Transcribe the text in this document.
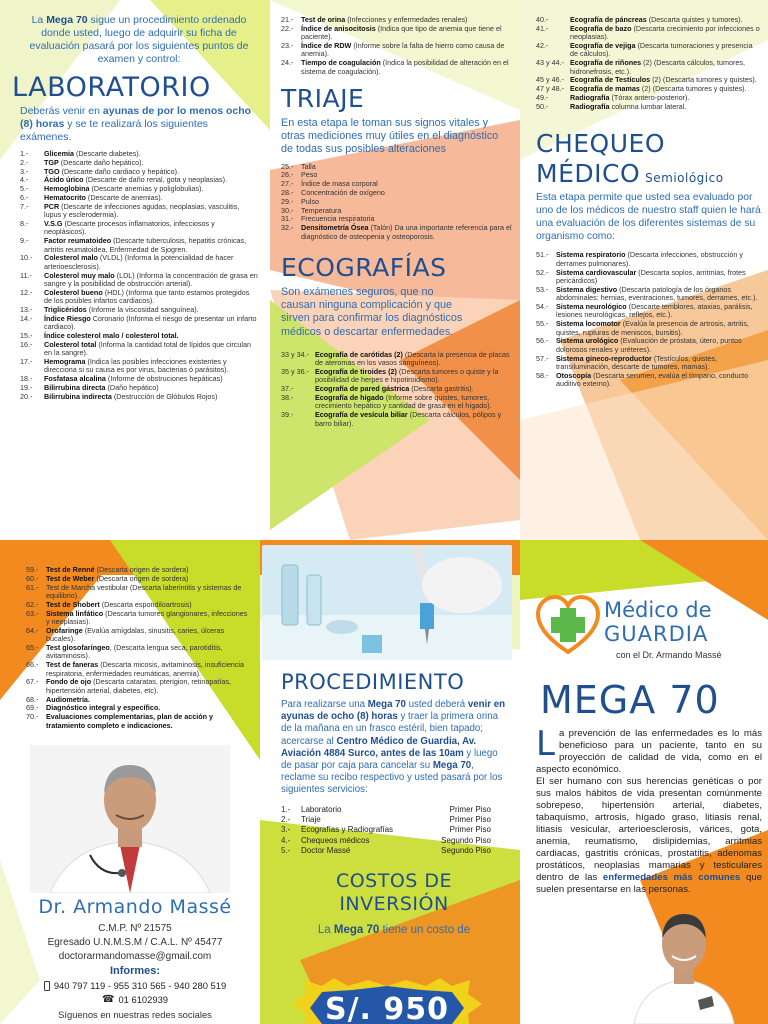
La Mega 70 sigue un procedimiento ordenado donde usted, luego de adquirir su ficha de evaluación pasará por los siguientes puntos de examen y control:

LABORATORIO

Deberás venir en ayunas de por lo menos ocho (8) horas y se te realizará los siguientes exámenes.

1.-	Glicemia (Descarte diabetes).
2.-	TGP (Descarte daño hepático).
3.-	TGO (Descarte daño cardiaco y hepático).
4.-	Ácido úrico (Descarte de daño renal, gota y neoplasias).
5.-	Hemoglobina (Descarte anemias y poliglobulias).
6.-	Hematocrito (Descarte de anemias).
7.-	PCR (Descarte de infecciones agudas, neoplasias, vasculitis, lupus y esclerodermia).
8.-	V.S.G (Descarte procesos inflamatorios, infecciosos y neoplásicos).
9.-	Factor reumatoideo (Descarte tuberculosis, hepatitis crónicas, artritis reumatoidea, Enfermedad de Sjogren.
10.-	Colesterol malo (VLDL) (Informa la potencialidad de hacer arterioesclerosis).
11.-	Colesterol muy malo (LDL) (Informa la concentración de grasa en sangre y la posibilidad de obstrucción arterial).
12.-	Colesterol bueno (HDL) (Informa que tanto estamos protegidos de los posibles infartos cardiacos).
13.-	Triglicéridos (Informe la viscosidad sanguínea).
14.-	Índice Riesgo Coronario (Informa el riesgo de presentar un infarto cardiaco).
15.-	Índice colesterol malo / colesterol total.
16.-	Colesterol total (Informa la cantidad total de lípidos que circulan en la sangre).
17.-	Hemograma (Indica las posibles infecciones existentes y direcciona si su causa es por virus, bacterias ó parásitos).
18.-	Fosfatasa alcalina (Informe de obstruciones hepáticas)
19.-	Bilirrubina directa (Daño hepático)
20.-	Bilirrubina indirecta (Destrucción de Glóbulos Rojos)
21.-	Test de orina (Infecciones y enfermedades renales)
22.-	Índice de anisocitosis (Indica que tipo de anemia que tiene el paciente).
23.-	Índice de RDW (Informe sobre la falta de hierro como causa de anemia).
24.-	Tiempo de coagulación (Indica la posibilidad de alteración en el sistema de coagulación).
TRIAJE

En esta etapa le toman sus signos vitales y otras mediciones muy útiles en el diagnóstico de todas sus posibles alteraciones

25.-	Talla
26.-	Peso
27.-	Índice de masa corporal
28.-	Concentración de oxígeno
29.-	Pulso
30.-	Temperatura
31.-	Frecuencia respiratoria
32.-	Densitometría Ósea (Talón) Da una importante referencia para el diagnóstico de osteopenia y osteoporosis.
ECOGRAFÍAS

Son exámenes seguros, que no causan ninguna complicación y que sirven para confirmar los diagnósticos médicos o descartar enfermedades.

33 y 34.- Ecografía de carótidas (2) (Descarta la presencia de placas de ateromas en los vasos sanguíneos).
35 y 36.- Ecografía de tiroides (2) (Descarta tumores o quiste y la posibilidad de herpes e hipotiroidismo).
37.-	Ecografía de pared gástrica (Descarta gastritis).
38.-	Ecografía de hígado (Informe sobre quistes, tumores, crecimiento hepático y cantidad de grasa en el hígado).
39.-	Ecografía de vesícula biliar (Descarta cálculos, pólipos y barro biliar).
40.-	Ecografía de páncreas (Descarta quistes y tumores).
41.-	Ecografía de bazo (Descarta crecimiento por infecciones o neoplasias).
42.-	Ecografía de vejiga (Descarta tumoraciones y presencia de cálculos).
43 y 44.- Ecografía de riñones (2) (Descarta cálculos, tumores, hidronefrosis, etc.).
45 y 46.- Ecografía de Testículos (2) (Descarta tumores y quistes).
47 y 48.- Ecografía de mamas (2) (Descarta tumores y quistes).
49.-	Radiografía (Tórax antero-posterior).
50.-	Radiografía columna lumbar lateral.
CHEQUEO
MÉDICO Semiológico

Esta etapa permite que usted sea evaluado por uno de los médicos de nuestro staff quien le hará una evaluación de los diferentes sistemas de su organismo como:

51.-	Sistema respiratorio (Descarta infecciones, obstrucción y derrames pulmonares).
52.-	Sistema cardiovascular (Descarta soplos, arritmias, frotes pericárdicos)
53.-	Sistema digestivo (Descarta patología de los órganos abdominales: hernias, eventraciones, tumores, derrames, etc.).
54.-	Sistema neurológico (Descarte temblores, ataxias, parálisis, lesiones neurológicas, reflejos, etc.).
55.-	Sistema locomotor (Evalúa la presencia de artrosis, artritis, quistes, rupturas de meniscos, bursitis).
56.-	Sistema urológico (Evaluación de próstata, útero, puntos dolorosos renales y uréteres).
57.-	Sistema gineco-reproductor (Testículos, quistes, transiluminación, descarte de tumores, mamas).
58.-	Otoscopía (Descarta serumen, evalúa el tímpano, conducto auditivo externo).
59.-	Test de Renné (Descarta origen de sordera)
60.-	Test de Weber (Descarta origen de sordera)
61.-	Test de Marcha vestibular (Descarta laberintitis y sistemas de equilibrio).
62.-	Test de Shobert (Descarta espondiloartrosis)
63.-	Sistema linfático (Descarta tumores glangionares, infecciones y neoplasias).
64.-	Orofaringe (Evalúa amígdalas, sinusitis, caries, úlceras bucales).
65.-	Test glosofaríngeo, (Descarta lengua seca, parotiditis, avitaminosis).
66.-	Test de faneras (Descarta micosis, avitaminosis, insuficiencia respiratoria, enfermedades reumáticas, anemia).
67.-	Fondo de ojo (Descarta cataratas, pterigion, retinopatías, hipertensión arterial, diabetes, etc).
68.-	Audiometría.
69.-	Diagnóstico integral y específico.
70.-	Evaluaciones complementarias, plan de acción y tratamiento completo e indicaciones.
Dr. Armando Massé
C.M.P. Nº 21575
Egresado U.N.M.S.M / C.A.L. Nº 45477
doctorarmandomasse@gmail.com
Informes:
940 797 119 - 955 310 565 - 940 280 519
☎ 01 6102939
Síguenos en nuestras redes sociales
PROCEDIMIENTO

Para realizarse una Mega 70 usted deberá venir en ayunas de ocho (8) horas y traer la primera orina de la mañana en un frasco estéril, bien tapado; acercarse al Centro Médico de Guardia, Av. Aviación 4884 Surco, antes de las 10am y luego de pasar por caja para cancelar su Mega 70, reclame su recibo respectivo y usted pasará por los siguientes servicios:

1.-	Laboratorio	Primer Piso
2.-	Triaje	Primer Piso
3.-	Ecografías y Radiografías	Primer Piso
4.-	Chequeos médicos	Segundo Piso
5.-	Doctor Massé	Segundo Piso
COSTOS DE
INVERSIÓN

La Mega 70 tiene un costo de

S/. 950
Médico de
GUARDIA
con el Dr. Armando Massé
MEGA 70
L a prevención de las enfermedades es lo más beneficioso para un paciente, tanto en su proyección de calidad de vida, como en el aspecto económico.
El ser humano con sus herencias genéticas o por sus malos hábitos de vida presentan comúnmente sobrepeso, hipertensión arterial, diabetes, tabaquismo, artrosis, hígado graso, litiasis renal, litiasis vesicular, arterioesclerosis, várices, gota, anemia, reumatismo, dislipidemias, arritmias cardiacas, gastritis crónicas, prostatitis, adenomas prostáticos, neoplasias mamarias y testiculares dentro de las enfermedades más comunes que suelen presentarse en las personas.
